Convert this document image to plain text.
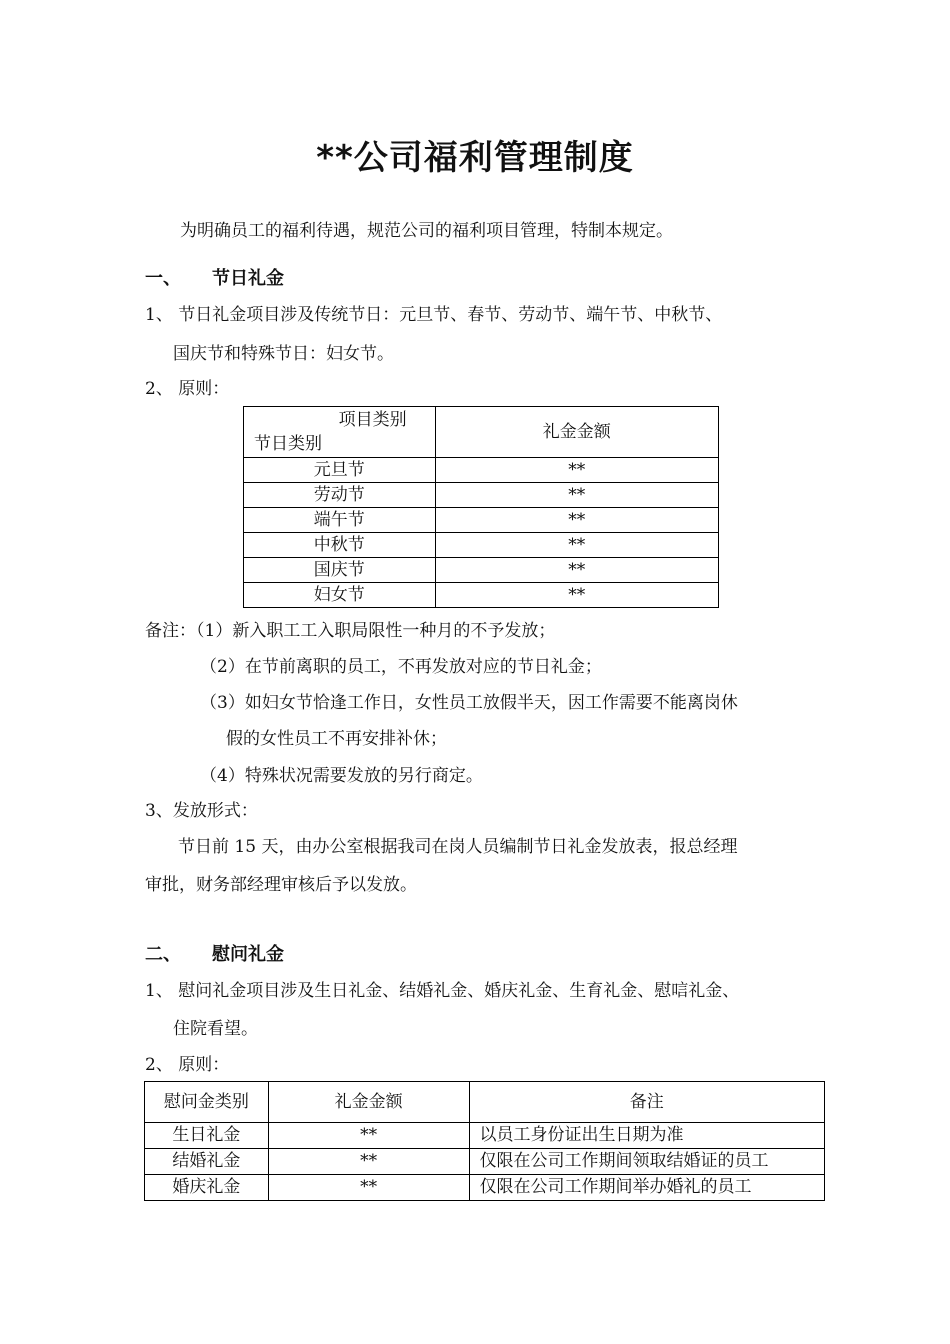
**公司福利管理制度
为明确员工的福利待遇，规范公司的福利项目管理，特制本规定。
一、 节日礼金
1、 节日礼金项目涉及传统节日：元旦节、春节、劳动节、端午节、中秋节、
国庆节和特殊节日：妇女节。
2、 原则：
项目类别
节日类别	礼金金额
元旦节	**
劳动节	**
端午节	**
中秋节	**
国庆节	**
妇女节	**
备注：（1）新入职工工入职局限性一种月的不予发放；
（2）在节前离职的员工，不再发放对应的节日礼金；
（3）如妇女节恰逢工作日，女性员工放假半天，因工作需要不能离岗休
假的女性员工不再安排补休；
（4）特殊状况需要发放的另行商定。
3、发放形式：
节日前 15 天，由办公室根据我司在岗人员编制节日礼金发放表，报总经理
审批，财务部经理审核后予以发放。
二、 慰问礼金
1、 慰问礼金项目涉及生日礼金、结婚礼金、婚庆礼金、生育礼金、慰唁礼金、
住院看望。
2、 原则：
慰问金类别	礼金金额	备注
生日礼金	**	以员工身份证出生日期为准
结婚礼金	**	仅限在公司工作期间领取结婚证的员工
婚庆礼金	**	仅限在公司工作期间举办婚礼的员工
